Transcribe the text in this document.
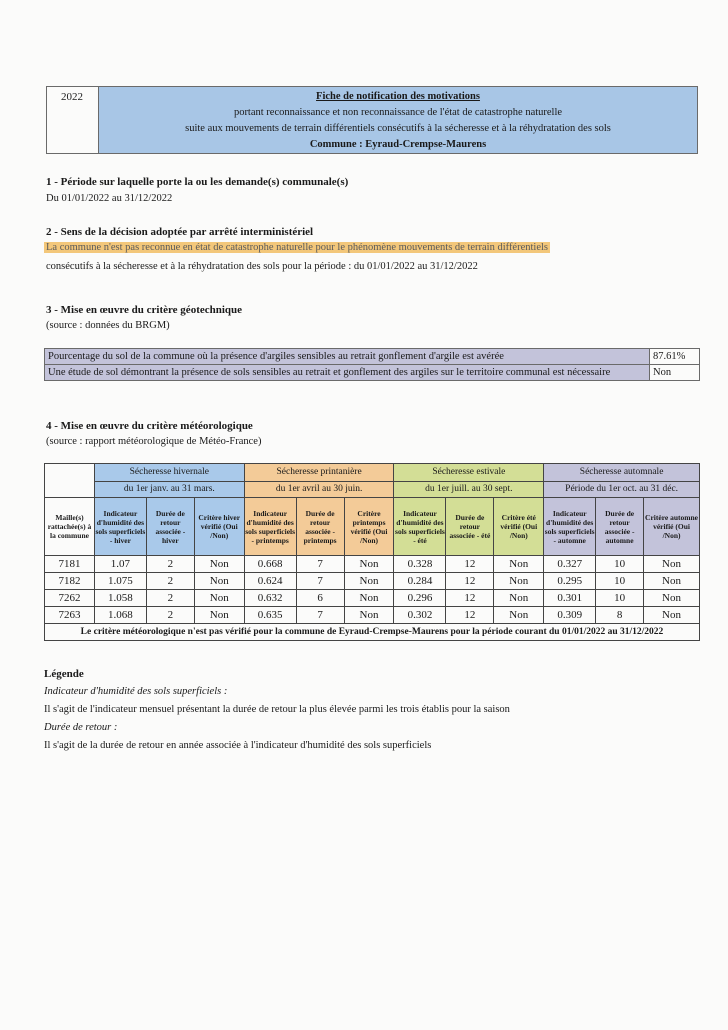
2022	Fiche de notification des motivations
portant reconnaissance et non reconnaissance de l'état de catastrophe naturelle
suite aux mouvements de terrain différentiels consécutifs à la sécheresse et à la réhydratation des sols
Commune : Eyraud-Crempse-Maurens
1 - Période sur laquelle porte la ou les demande(s) communale(s)
Du 01/01/2022 au 31/12/2022
2 - Sens de la décision adoptée par arrêté interministériel
La commune n'est pas reconnue en état de catastrophe naturelle pour le phénomène mouvements de terrain différentiels
consécutifs à la sécheresse et à la réhydratation des sols pour la période : du 01/01/2022 au 31/12/2022
3 - Mise en œuvre du critère géotechnique
(source : données du BRGM)
Pourcentage du sol de la commune où la présence d'argiles sensibles au retrait gonflement d'argile est avérée	87.61%
Une étude de sol démontrant la présence de sols sensibles au retrait et gonflement des argiles sur le territoire communal est nécessaire	Non
4 - Mise en œuvre du critère météorologique
(source : rapport météorologique de Météo-France)
	Sécheresse hivernale			Sécheresse printanière			Sécheresse estivale			Sécheresse automnale		
	du 1er janv. au 31 mars.			du 1er avril au 30 juin.			du 1er juill. au 30 sept.			Période du 1er oct. au 31 déc.		
Maille(s) rattachée(s) à la commune	Indicateur d'humidité des sols superficiels - hiver	Durée de retour associée - hiver	Critère hiver vérifié (Oui /Non)	Indicateur d'humidité des sols superficiels - printemps	Durée de retour associée - printemps	Critère printemps vérifié (Oui /Non)	Indicateur d'humidité des sols superficiels - été	Durée de retour associée - été	Critère été vérifié (Oui /Non)	Indicateur d'humidité des sols superficiels - automne	Durée de retour associée - automne	Critère automne vérifié (Oui /Non)
7181	1.07	2	Non	0.668	7	Non	0.328	12	Non	0.327	10	Non
7182	1.075	2	Non	0.624	7	Non	0.284	12	Non	0.295	10	Non
7262	1.058	2	Non	0.632	6	Non	0.296	12	Non	0.301	10	Non
7263	1.068	2	Non	0.635	7	Non	0.302	12	Non	0.309	8	Non
Le critère météorologique n'est pas vérifié pour la commune de Eyraud-Crempse-Maurens pour la période courant du 01/01/2022 au 31/12/2022												
Légende
Indicateur d'humidité des sols superficiels :
Il s'agit de l'indicateur mensuel présentant la durée de retour la plus élevée parmi les trois établis pour la saison
Durée de retour :
Il s'agit de la durée de retour en année associée à l'indicateur d'humidité des sols superficiels
